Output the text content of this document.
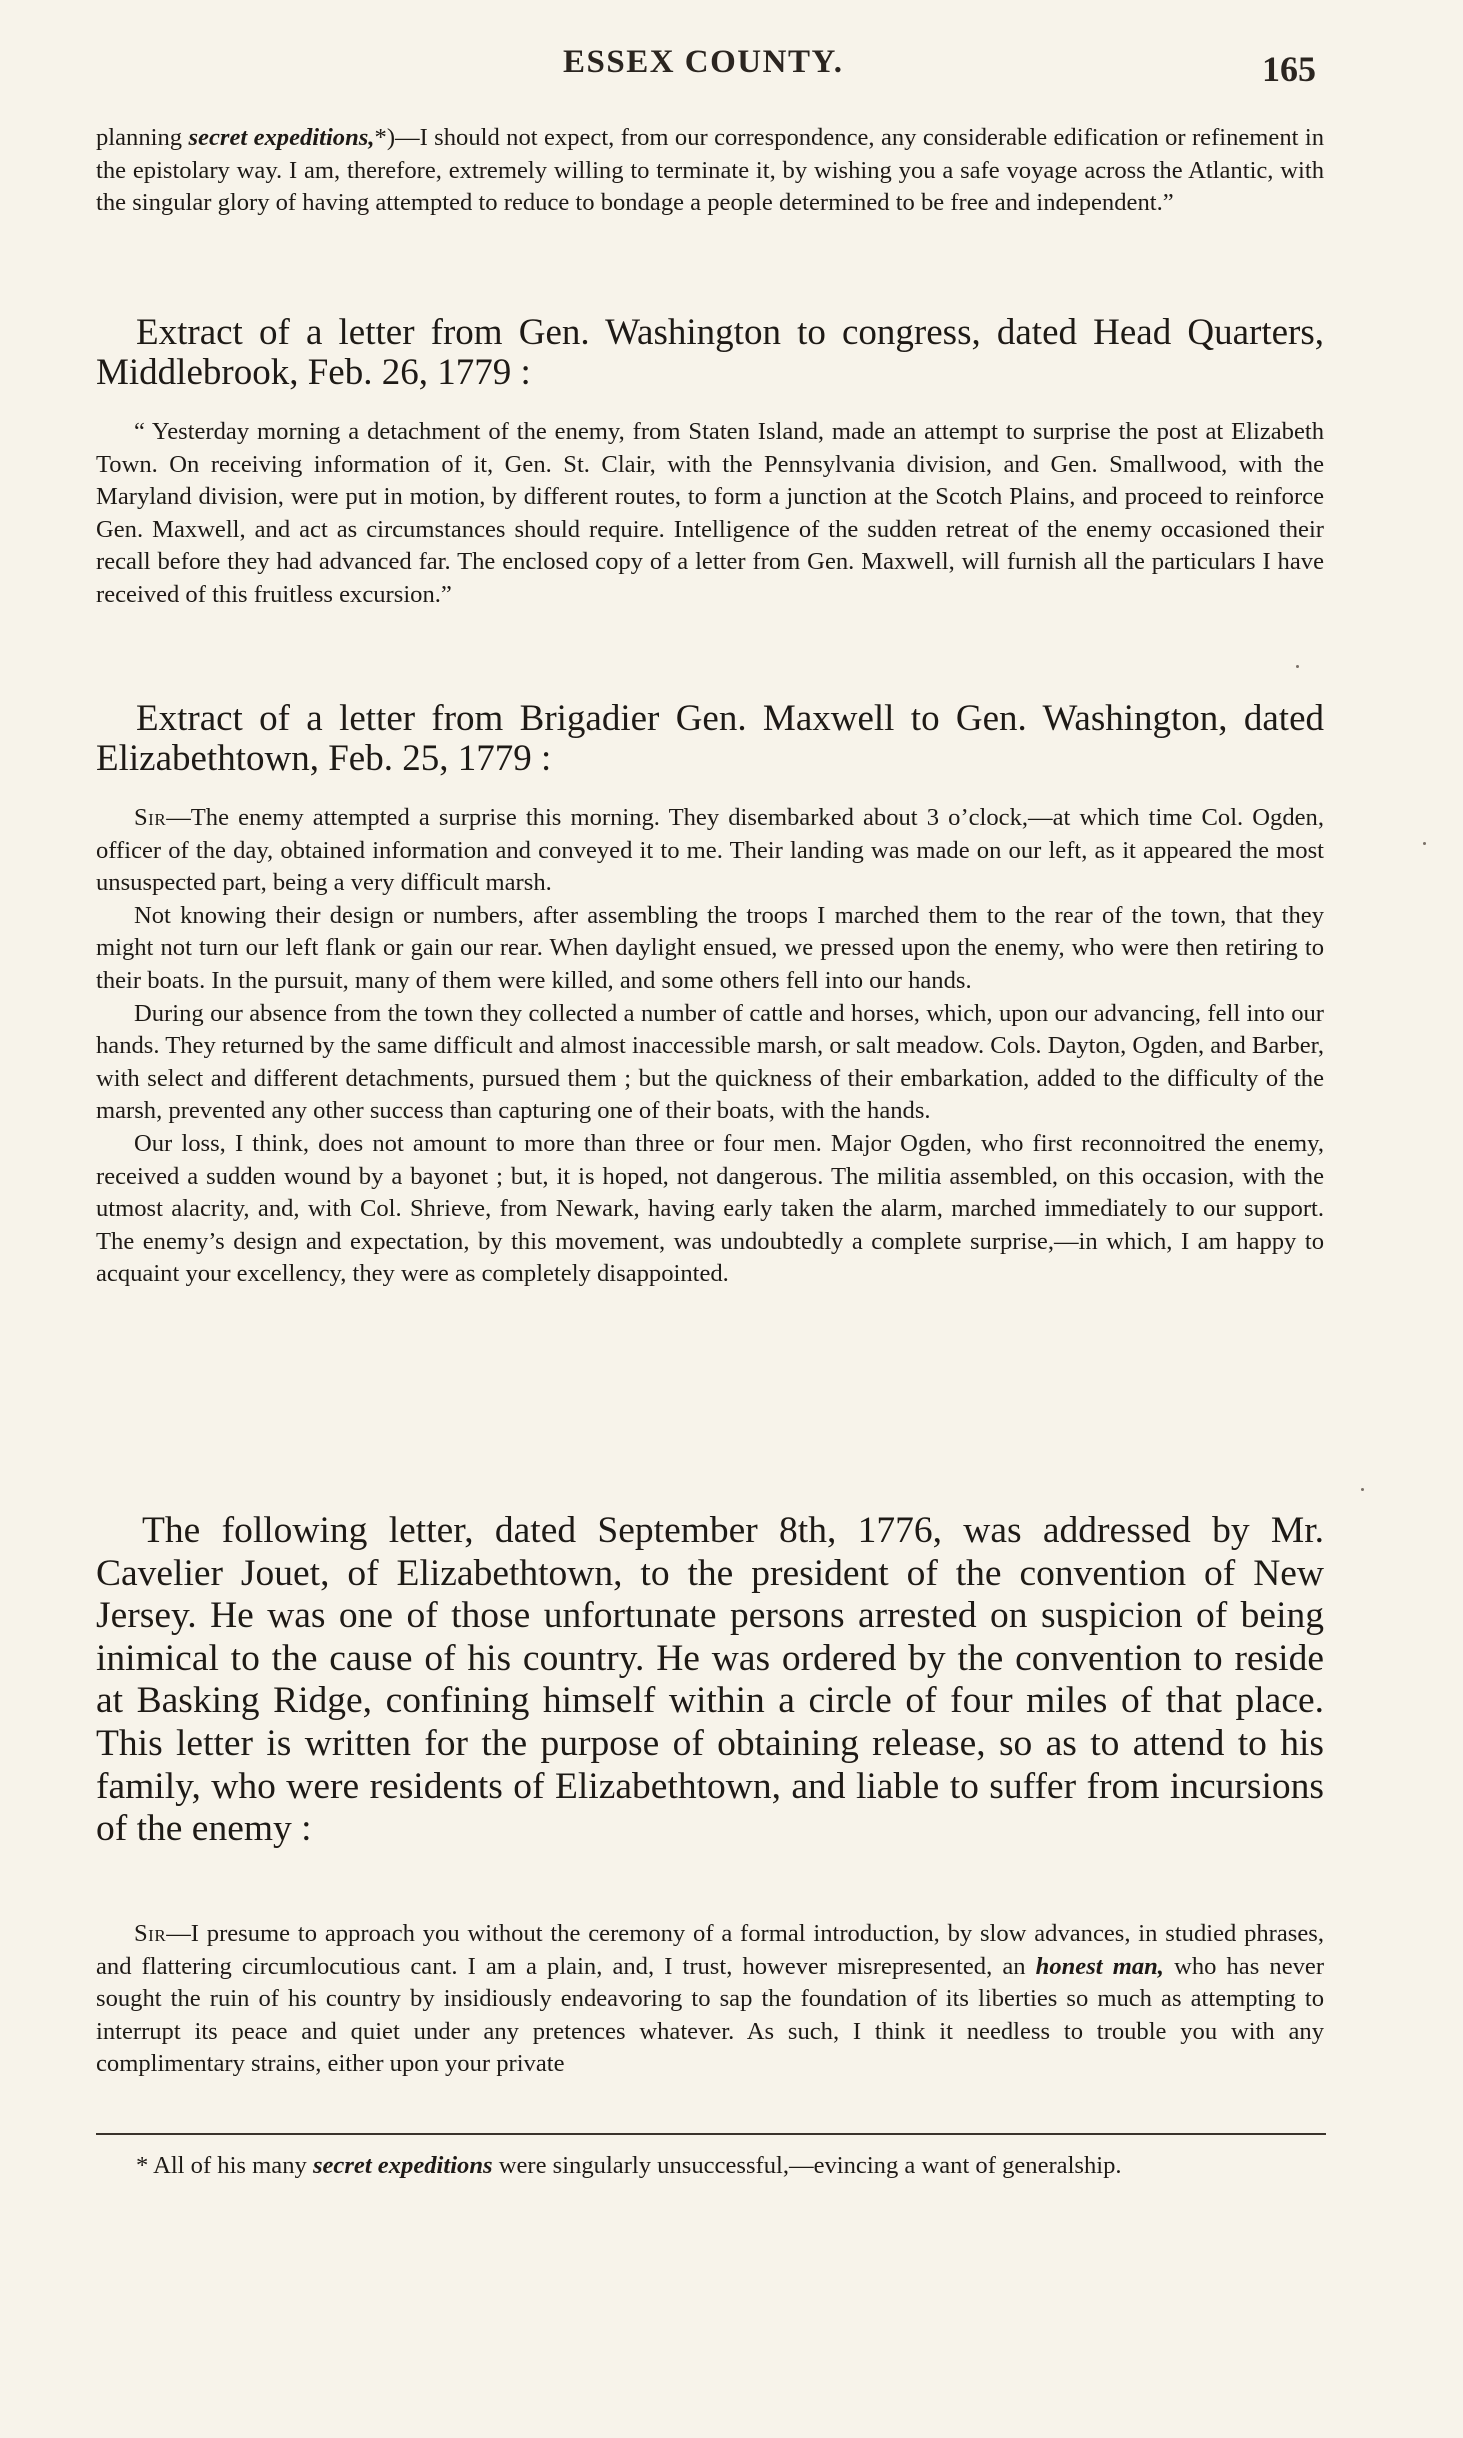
ESSEX COUNTY.	165

planning secret expeditions,*)—I should not expect, from our correspondence, any considerable edification or refinement in the epistolary way. I am, therefore, extremely willing to terminate it, by wishing you a safe voyage across the Atlantic, with the singular glory of having attempted to reduce to bondage a people determined to be free and independent.”

Extract of a letter from Gen. Washington to congress, dated Head Quarters, Middlebrook, Feb. 26, 1779 :

“ Yesterday morning a detachment of the enemy, from Staten Island, made an attempt to surprise the post at Elizabeth Town. On receiving information of it, Gen. St. Clair, with the Pennsylvania division, and Gen. Smallwood, with the Maryland division, were put in motion, by different routes, to form a junction at the Scotch Plains, and proceed to reinforce Gen. Maxwell, and act as circumstances should require. Intelligence of the sudden retreat of the enemy occasioned their recall before they had advanced far. The enclosed copy of a letter from Gen. Maxwell, will furnish all the particulars I have received of this fruitless excursion.”

Extract of a letter from Brigadier Gen. Maxwell to Gen. Washington, dated Elizabethtown, Feb. 25, 1779 :

Sir—The enemy attempted a surprise this morning. They disembarked about 3 o’clock,—at which time Col. Ogden, officer of the day, obtained information and conveyed it to me. Their landing was made on our left, as it appeared the most unsuspected part, being a very difficult marsh.

Not knowing their design or numbers, after assembling the troops I marched them to the rear of the town, that they might not turn our left flank or gain our rear. When daylight ensued, we pressed upon the enemy, who were then retiring to their boats. In the pursuit, many of them were killed, and some others fell into our hands.

During our absence from the town they collected a number of cattle and horses, which, upon our advancing, fell into our hands. They returned by the same difficult and almost inaccessible marsh, or salt meadow. Cols. Dayton, Ogden, and Barber, with select and different detachments, pursued them ; but the quickness of their embarkation, added to the difficulty of the marsh, prevented any other success than capturing one of their boats, with the hands.

Our loss, I think, does not amount to more than three or four men. Major Ogden, who first reconnoitred the enemy, received a sudden wound by a bayonet ; but, it is hoped, not dangerous. The militia assembled, on this occasion, with the utmost alacrity, and, with Col. Shrieve, from Newark, having early taken the alarm, marched immediately to our support. The enemy’s design and expectation, by this movement, was undoubtedly a complete surprise,—in which, I am happy to acquaint your excellency, they were as completely disappointed.

The following letter, dated September 8th, 1776, was addressed by Mr. Cavelier Jouet, of Elizabethtown, to the president of the convention of New Jersey. He was one of those unfortunate persons arrested on suspicion of being inimical to the cause of his country. He was ordered by the convention to reside at Basking Ridge, confining himself within a circle of four miles of that place. This letter is written for the purpose of obtaining release, so as to attend to his family, who were residents of Elizabethtown, and liable to suffer from incursions of the enemy :

Sir—I presume to approach you without the ceremony of a formal introduction, by slow advances, in studied phrases, and flattering circumlocutious cant. I am a plain, and, I trust, however misrepresented, an honest man, who has never sought the ruin of his country by insidiously endeavoring to sap the foundation of its liberties so much as attempting to interrupt its peace and quiet under any pretences whatever. As such, I think it needless to trouble you with any complimentary strains, either upon your private

* All of his many secret expeditions were singularly unsuccessful,—evincing a want of generalship.
